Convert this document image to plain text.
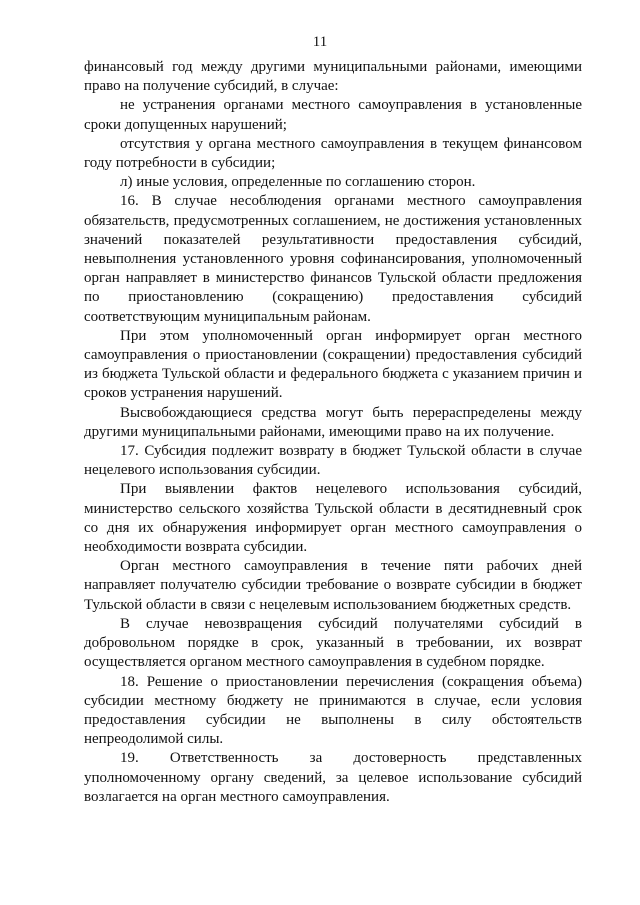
11

финансовый год между другими муниципальными районами, имеющими право на получение субсидий, в случае:

не устранения органами местного самоуправления в установленные сроки допущенных нарушений;

отсутствия у органа местного самоуправления в текущем финансовом году потребности в субсидии;

л) иные условия, определенные по соглашению сторон.

16. В случае несоблюдения органами местного самоуправления обязательств, предусмотренных соглашением, не достижения установленных значений показателей результативности предоставления субсидий, невыполнения установленного уровня софинансирования, уполномоченный орган направляет в министерство финансов Тульской области предложения по приостановлению (сокращению) предоставления субсидий соответствующим муниципальным районам.

При этом уполномоченный орган информирует орган местного самоуправления о приостановлении (сокращении) предоставления субсидий из бюджета Тульской области и федерального бюджета с указанием причин и сроков устранения нарушений.

Высвобождающиеся средства могут быть перераспределены между другими муниципальными районами, имеющими право на их получение.

17. Субсидия подлежит возврату в бюджет Тульской области в случае нецелевого использования субсидии.

При выявлении фактов нецелевого использования субсидий, министерство сельского хозяйства Тульской области в десятидневный срок со дня их обнаружения информирует орган местного самоуправления о необходимости возврата субсидии.

Орган местного самоуправления в течение пяти рабочих дней направляет получателю субсидии требование о возврате субсидии в бюджет Тульской области в связи с нецелевым использованием бюджетных средств.

В случае невозвращения субсидий получателями субсидий в добровольном порядке в срок, указанный в требовании, их возврат осуществляется органом местного самоуправления в судебном порядке.

18. Решение о приостановлении перечисления (сокращения объема) субсидии местному бюджету не принимаются в случае, если условия предоставления субсидии не выполнены в силу обстоятельств непреодолимой силы.

19. Ответственность за достоверность представленных уполномоченному органу сведений, за целевое использование субсидий возлагается на орган местного самоуправления.
